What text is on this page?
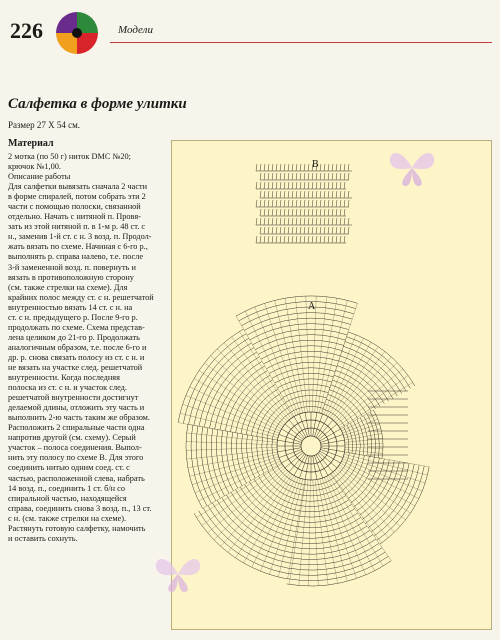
226	Модели
Салфетка в форме улитки
Размер 27 Х 54 см.
Материал
2 мотка (по 50 г) ниток DMC №20;
крючок №1,00.
Описание работы
Для салфетки вывязать сначала 2 части
в форме спиралей, потом собрать эти 2
части с помощью полоски, связанной
отдельно. Начать с нитяной п. Провя-
зать из этой нитяной п. в 1-м р. 48 ст. с
н., заменив 1-й ст. с н. 3 возд. п. Продол-
жать вязать по схеме. Начиная с 6-го р.,
выполнять р. справа налево, т.е. после
3-й замененной возд. п. повернуть и
вязать в противоположную сторону
(см. также стрелки на схеме). Для
крайних полос между ст. с н. решетчатой
внутренностью вязать 14 ст. с н. на
ст. с н. предыдущего р. После 9-го р.
продолжать по схеме. Схема представ-
лена целиком до 21-го р. Продолжать
аналогичным образом, т.е. после 6-го и
др. р. снова связать полосу из ст. с н. и
не вязать на участке след. решетчатой
внутренности. Когда последняя
полоска из ст. с н. и участок след.
решетчатой внутренности достигнут
делаемой длины, отложить эту часть и
выполнить 2-ю часть таким же образом.
Расположить 2 спиральные части одна
напротив другой (см. схему). Серый
участок – полоса соединения. Выпол-
нить эту полосу по схеме В. Для этого
соединить нитью одним соед. ст. с
частью, расположенной слева, набрать
14 возд. п., соединить 1 ст. б/н со
спиральной частью, находящейся
справа, соединить снова 3 возд. п., 13 ст.
с н. (см. также стрелки на схеме).
Растянуть готовую салфетку, намочить
и оставить сохнуть.
B
A
